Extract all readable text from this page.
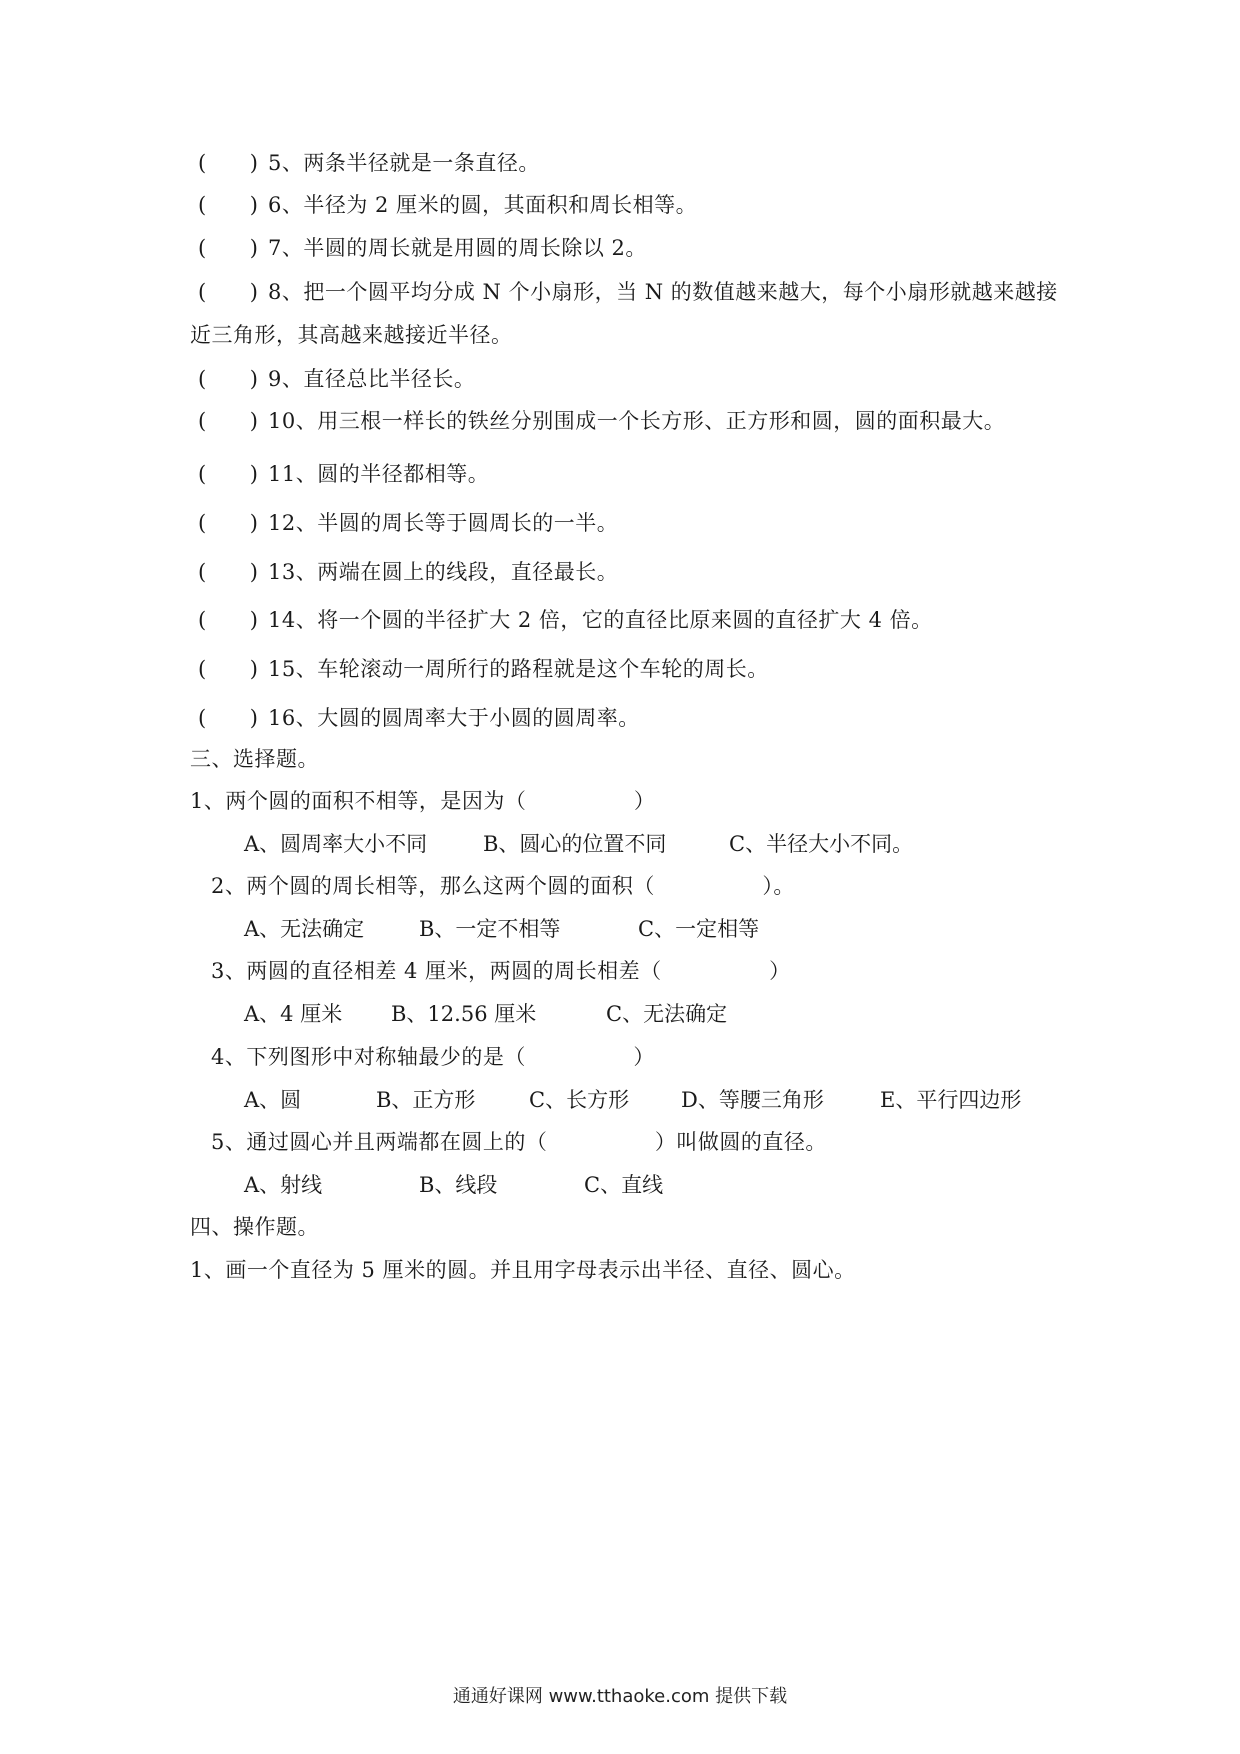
(　　 ) 5、两条半径就是一条直径。
(　　 ) 6、半径为 2 厘米的圆，其面积和周长相等。
(　　 ) 7、半圆的周长就是用圆的周长除以 2。
(　　 ) 8、把一个圆平均分成 N 个小扇形，当 N 的数值越来越大，每个小扇形就越来越接
近三角形，其高越来越接近半径。
(　　 ) 9、直径总比半径长。
(　　 ) 10、用三根一样长的铁丝分别围成一个长方形、正方形和圆，圆的面积最大。
(　　 ) 11、圆的半径都相等。
(　　 ) 12、半圆的周长等于圆周长的一半。
(　　 ) 13、两端在圆上的线段，直径最长。
(　　 ) 14、将一个圆的半径扩大 2 倍，它的直径比原来圆的直径扩大 4 倍。
(　　 ) 15、车轮滚动一周所行的路程就是这个车轮的周长。
(　　 ) 16、大圆的圆周率大于小圆的圆周率。
三、选择题。
1、两个圆的面积不相等，是因为（　　　　　）
A、圆周率大小不同	B、圆心的位置不同	C、半径大小不同。
2、两个圆的周长相等，那么这两个圆的面积（　　　　　）。
A、无法确定	B、一定不相等	C、一定相等
3、两圆的直径相差 4 厘米，两圆的周长相差（　　　　　）
A、4 厘米 B、12.56 厘米	C、无法确定
4、下列图形中对称轴最少的是（　　　　　）
A、圆	B、正方形	C、长方形 D、等腰三角形	E、平行四边形
5、通过圆心并且两端都在圆上的（　　　　　）叫做圆的直径。
A、射线	B、线段	C、直线
四、操作题。
1、画一个直径为 5 厘米的圆。并且用字母表示出半径、直径、圆心。
通通好课网 www.tthaoke.com 提供下载
